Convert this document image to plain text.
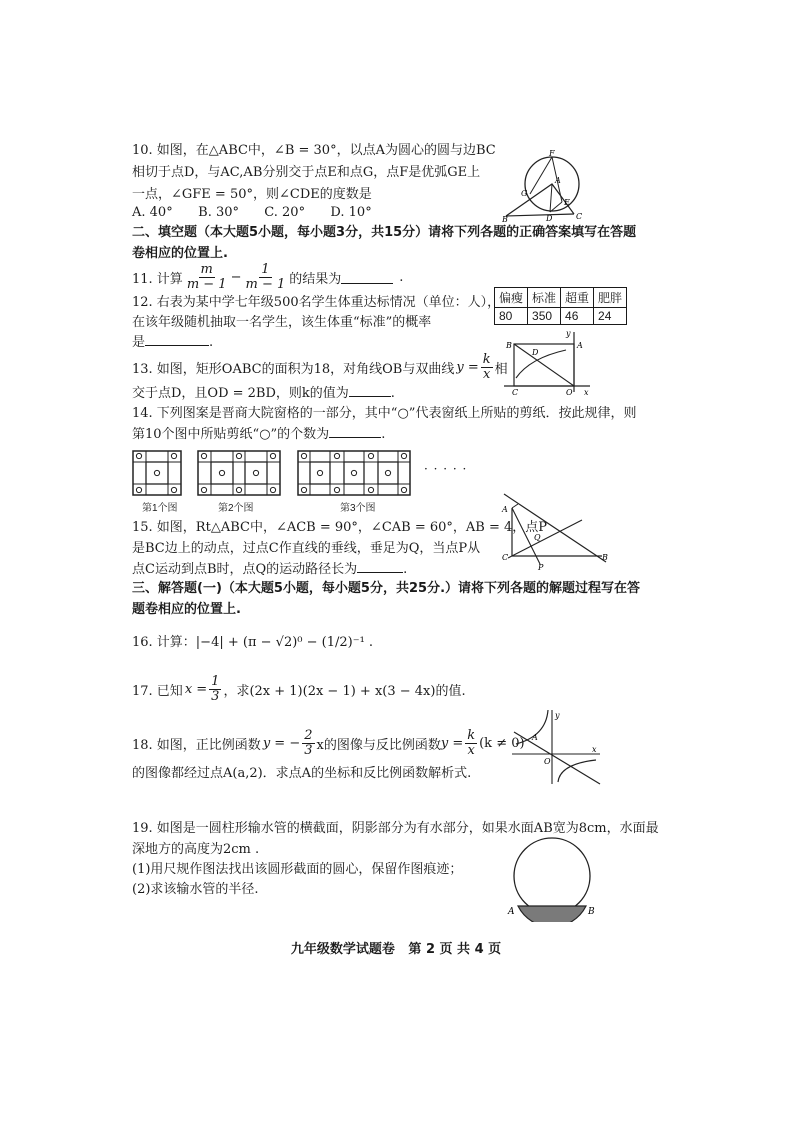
10. 如图，在△ABC中，∠B = 30°，以点A为圆心的圆与边BC
相切于点D，与AC,AB分别交于点E和点G，点F是优弧GE上
一点，∠GFE = 50°，则∠CDE的度数是
A. 40° B. 30° C. 20° D. 10°
F
A
G
E
B	D	C
二、填空题（本大题5小题，每小题3分，共15分）请将下列各题的正确答案填写在答题
卷相应的位置上.
11. 计算 $\frac{m}{m - 1} - \frac{1}{m - 1}$ 的结果为	.
12. 右表为某中学七年级500名学生体重达标情况（单位：人），
在该年级随机抽取一名学生，该生体重“标准”的概率
是	.
偏瘦	标准	超重	肥胖
80	350	46	24
13. 如图，矩形OABC的面积为18，对角线OB与双曲线 $y = \frac{k}{x}$ 相
交于点D，且OD = 2BD，则k的值为	.
y
B
D
A
C	O x
14. 下列图案是晋商大院窗格的一部分，其中“○”代表窗纸上所贴的剪纸．按此规律，则
第10个图中所贴剪纸“○”的个数为	.
· · · · ·
第1个图	第2个图	第3个图
15. 如图，Rt△ABC中，∠ACB = 90°，∠CAB = 60°，AB = 4，点P
是BC边上的动点，过点C作直线的垂线，垂足为Q，当点P从
点C运动到点B时，点Q的运动路径长为	.
A
Q
C
P
B
三、解答题(一)（本大题5小题，每小题5分，共25分.）请将下列各题的解题过程写在答
题卷相应的位置上.
16. 计算：|−4| + (π − √2)⁰ − (1/2)⁻¹ .
17. 已知 $x = \frac{1}{3}$ ，求(2x + 1)(2x − 1) + x(3 − 4x)的值.
18. 如图，正比例函数 y = − $\frac{2}{3}$ x的图像与反比例函数 $y = \frac{k}{x} (k \ne 0)$
的图像都经过点A(a,2)．求点A的坐标和反比例函数解析式.
y
A
x
O
19. 如图是一圆柱形输水管的横截面，阴影部分为有水部分，如果水面AB宽为8cm，水面最
深地方的高度为2cm .
(1)用尺规作图法找出该圆形截面的圆心，保留作图痕迹；
(2)求该输水管的半径.
A	B
九年级数学试题卷   第 2 页 共 4 页
